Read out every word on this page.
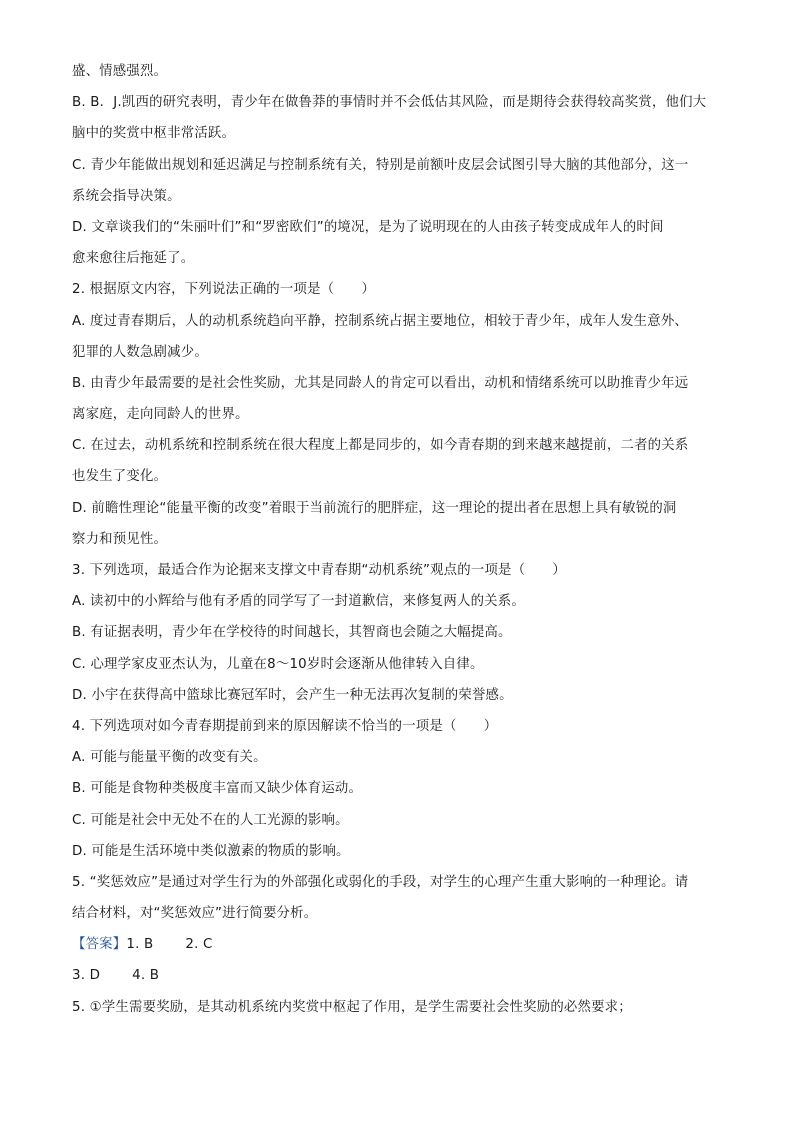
盛、情感强烈。
B. B．J.凯西的研究表明，青少年在做鲁莽的事情时并不会低估其风险，而是期待会获得较高奖赏，他们大
脑中的奖赏中枢非常活跃。
C. 青少年能做出规划和延迟满足与控制系统有关，特别是前额叶皮层会试图引导大脑的其他部分，这一
系统会指导决策。
D. 文章谈我们的“朱丽叶们”和“罗密欧们”的境况，是为了说明现在的人由孩子转变成成年人的时间
愈来愈往后拖延了。
2. 根据原文内容，下列说法正确的一项是（　　）
A. 度过青春期后，人的动机系统趋向平静，控制系统占据主要地位，相较于青少年，成年人发生意外、
犯罪的人数急剧减少。
B. 由青少年最需要的是社会性奖励，尤其是同龄人的肯定可以看出，动机和情绪系统可以助推青少年远
离家庭，走向同龄人的世界。
C. 在过去，动机系统和控制系统在很大程度上都是同步的，如今青春期的到来越来越提前，二者的关系
也发生了变化。
D. 前瞻性理论“能量平衡的改变”着眼于当前流行的肥胖症，这一理论的提出者在思想上具有敏锐的洞
察力和预见性。
3. 下列选项，最适合作为论据来支撑文中青春期“动机系统”观点的一项是（　　）
A. 读初中的小辉给与他有矛盾的同学写了一封道歉信，来修复两人的关系。
B. 有证据表明，青少年在学校待的时间越长，其智商也会随之大幅提高。
C. 心理学家皮亚杰认为，儿童在8～10岁时会逐渐从他律转入自律。
D. 小宇在获得高中篮球比赛冠军时，会产生一种无法再次复制的荣誉感。
4. 下列选项对如今青春期提前到来的原因解读不恰当的一项是（　　）
A. 可能与能量平衡的改变有关。
B. 可能是食物种类极度丰富而又缺少体育运动。
C. 可能是社会中无处不在的人工光源的影响。
D. 可能是生活环境中类似激素的物质的影响。
5. “奖惩效应”是通过对学生行为的外部强化或弱化的手段，对学生的心理产生重大影响的一种理论。请
结合材料，对“奖惩效应”进行简要分析。
【答案】1. B 2. C
3. D 4. B
5. ①学生需要奖励，是其动机系统内奖赏中枢起了作用，是学生需要社会性奖励的必然要求；
